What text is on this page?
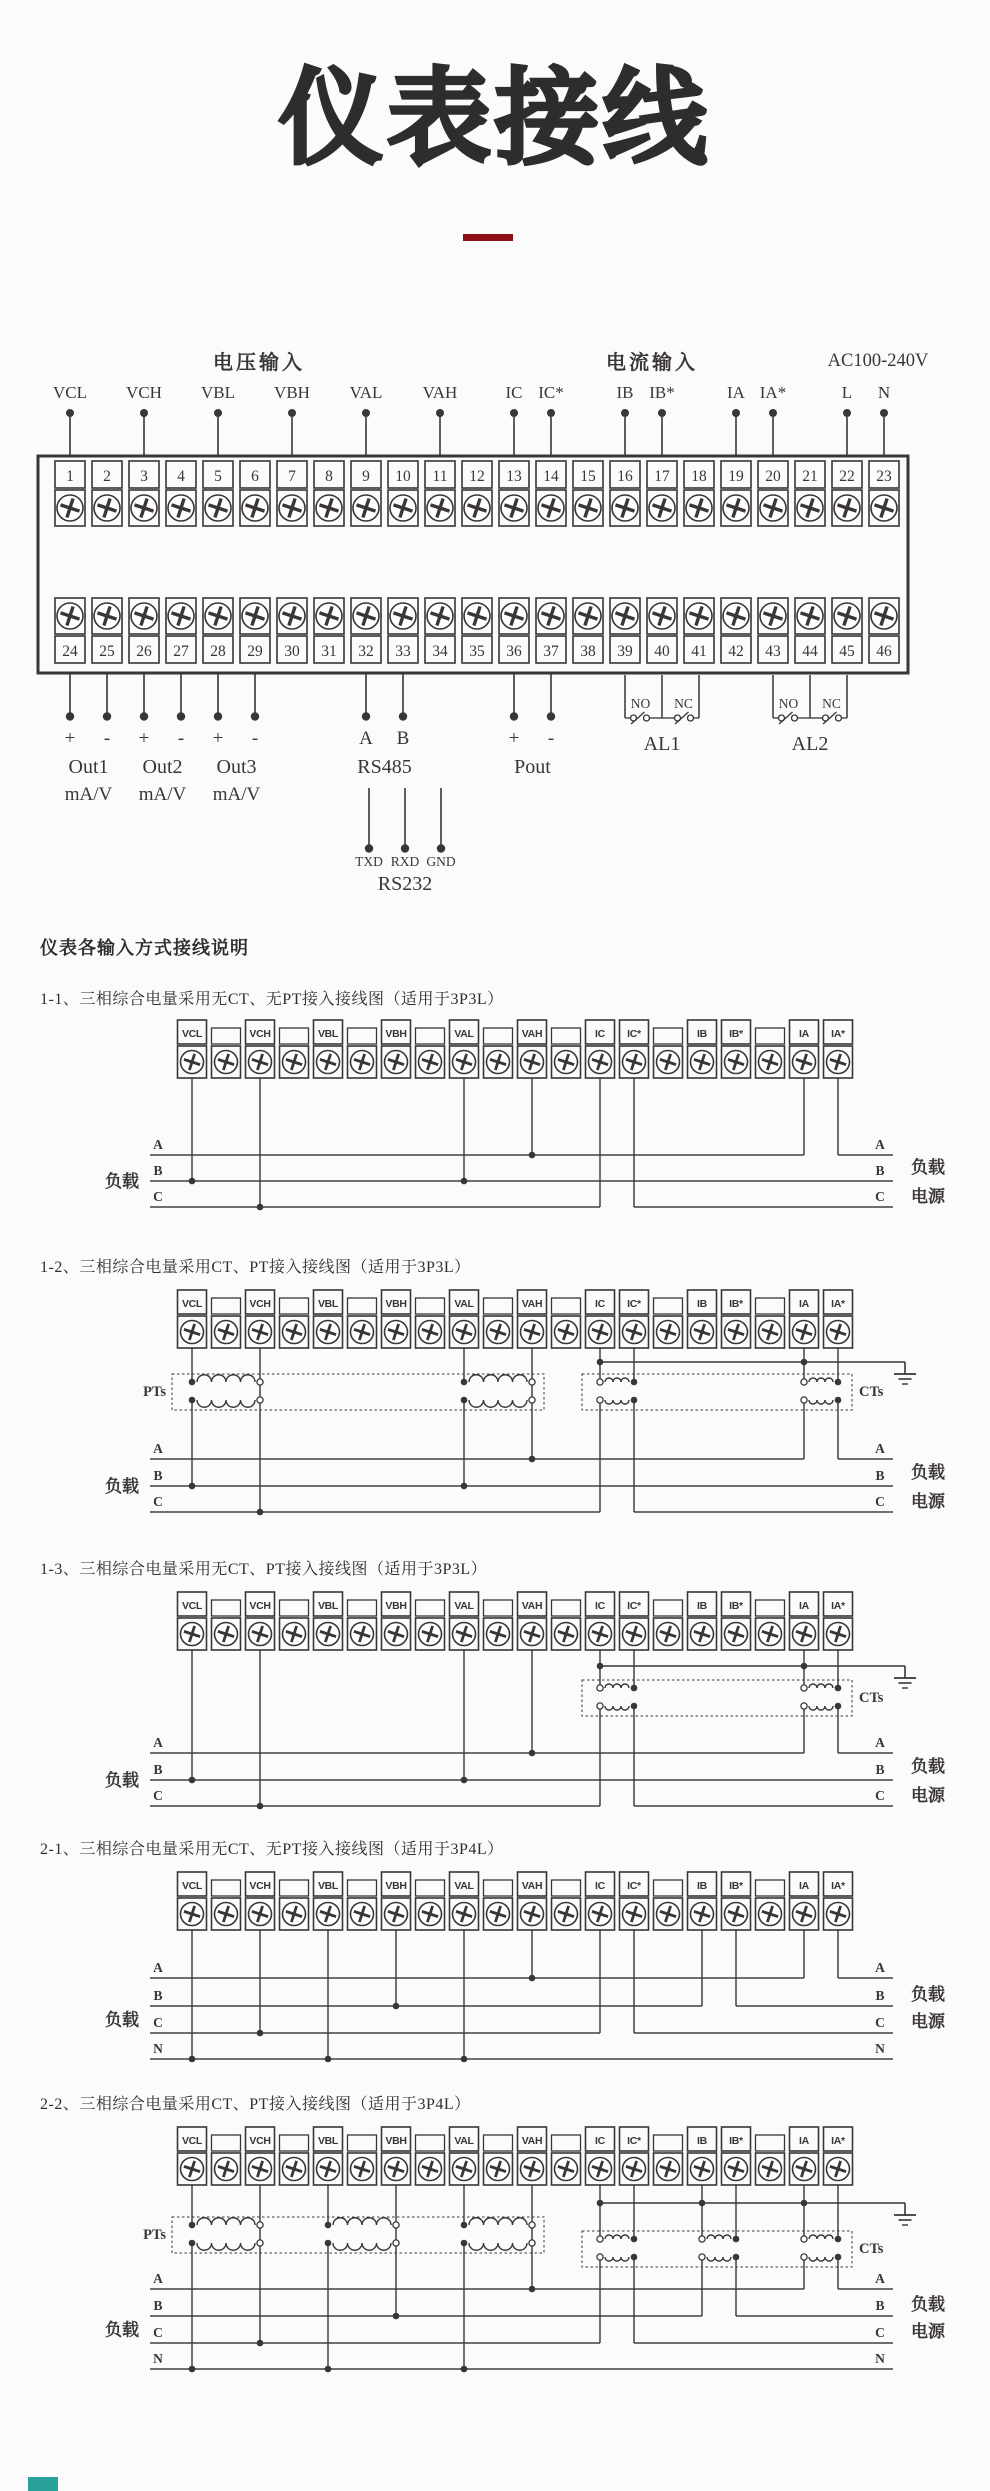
仪表接线
电压输入	电流输入	AC100-240V
VCL VCH VBL VBH VAL VAH	IC IC*	IB IB*	IA IA*	L N
1 2 3 4 5 6 7 8 9 10 11 12 13 14 15 16 17 18 19 20 21 22 23
24 25 26 27 28 29 30 31 32 33 34 35 36 37 38 39 40 41 42 43 44 45 46
+ -
Out1
mA/V
+ -
Out2
mA/V
+ -
Out3
mA/V
A B
RS485
+ -
Pout
TXD RXD GND
RS232
NO NC
AL1
NO NC
AL2
仪表各输入方式接线说明
1-1、三相综合电量采用无CT、无PT接入接线图（适用于3P3L）
A	A
B	B
C	C
VCL	VCH	VBL	VBH	VAL	VAH	IC IC*	IB IB*	IA IA*
负载
负载
电源
1-2、三相综合电量采用CT、PT接入接线图（适用于3P3L）
A	A
B	B
C	C
VCL	VCH	VBL	VBH	VAL	VAH	IC IC*	IB IB*	IA IA*
PTs	CTs
负载
负载
电源
1-3、三相综合电量采用无CT、PT接入接线图（适用于3P3L）
A	A
B	B
C	C
VCL	VCH	VBL	VBH	VAL	VAH	IC IC*	IB IB*	IA IA*
CTs
负载
负载
电源
2-1、三相综合电量采用无CT、无PT接入接线图（适用于3P4L）
A	A
B	B
C	C
N	N
VCL	VCH	VBL	VBH	VAL	VAH	IC IC*	IB IB*	IA IA*
负载
负载
电源
2-2、三相综合电量采用CT、PT接入接线图（适用于3P4L）
A	A
B	B
C	C
N	N
VCL	VCH	VBL	VBH	VAL	VAH	IC IC*	IB IB*	IA IA*
PTs
CTs
负载
负载
电源
